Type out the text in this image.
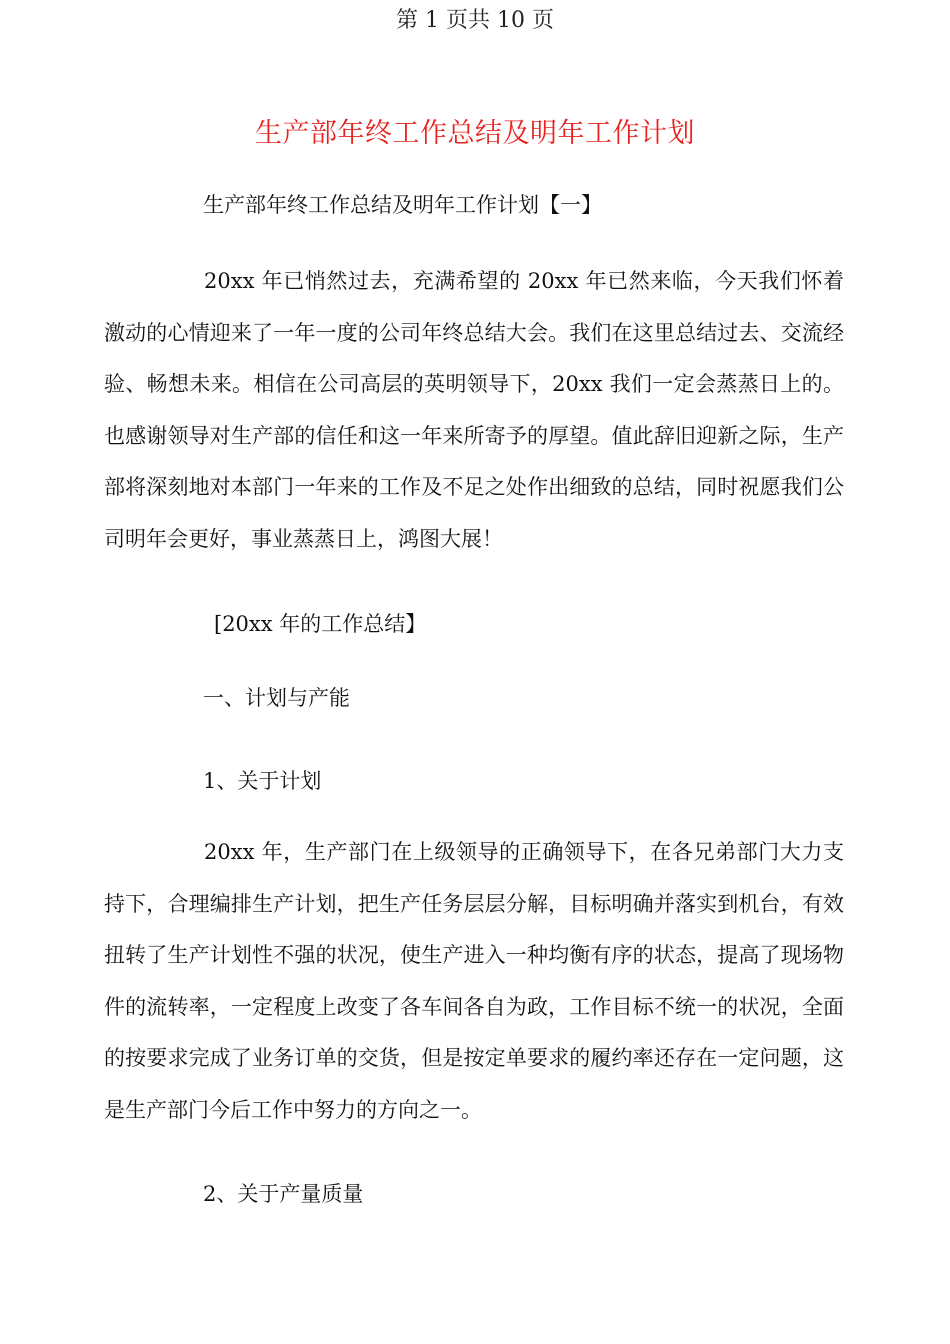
第 1 页共 10 页
生产部年终工作总结及明年工作计划
生产部年终工作总结及明年工作计划【一】
20xx 年已悄然过去，充满希望的 20xx 年已然来临，今天我们怀着激动的心情迎来了一年一度的公司年终总结大会。我们在这里总结过去、交流经验、畅想未来。相信在公司高层的英明领导下，20xx 我们一定会蒸蒸日上的。也感谢领导对生产部的信任和这一年来所寄予的厚望。值此辞旧迎新之际，生产部将深刻地对本部门一年来的工作及不足之处作出细致的总结，同时祝愿我们公司明年会更好，事业蒸蒸日上，鸿图大展！
[20xx 年的工作总结】
一、计划与产能
1、关于计划
20xx 年，生产部门在上级领导的正确领导下，在各兄弟部门大力支持下，合理编排生产计划，把生产任务层层分解，目标明确并落实到机台，有效扭转了生产计划性不强的状况，使生产进入一种均衡有序的状态，提高了现场物件的流转率，一定程度上改变了各车间各自为政，工作目标不统一的状况，全面的按要求完成了业务订单的交货，但是按定单要求的履约率还存在一定问题，这是生产部门今后工作中努力的方向之一。
2、关于产量质量
